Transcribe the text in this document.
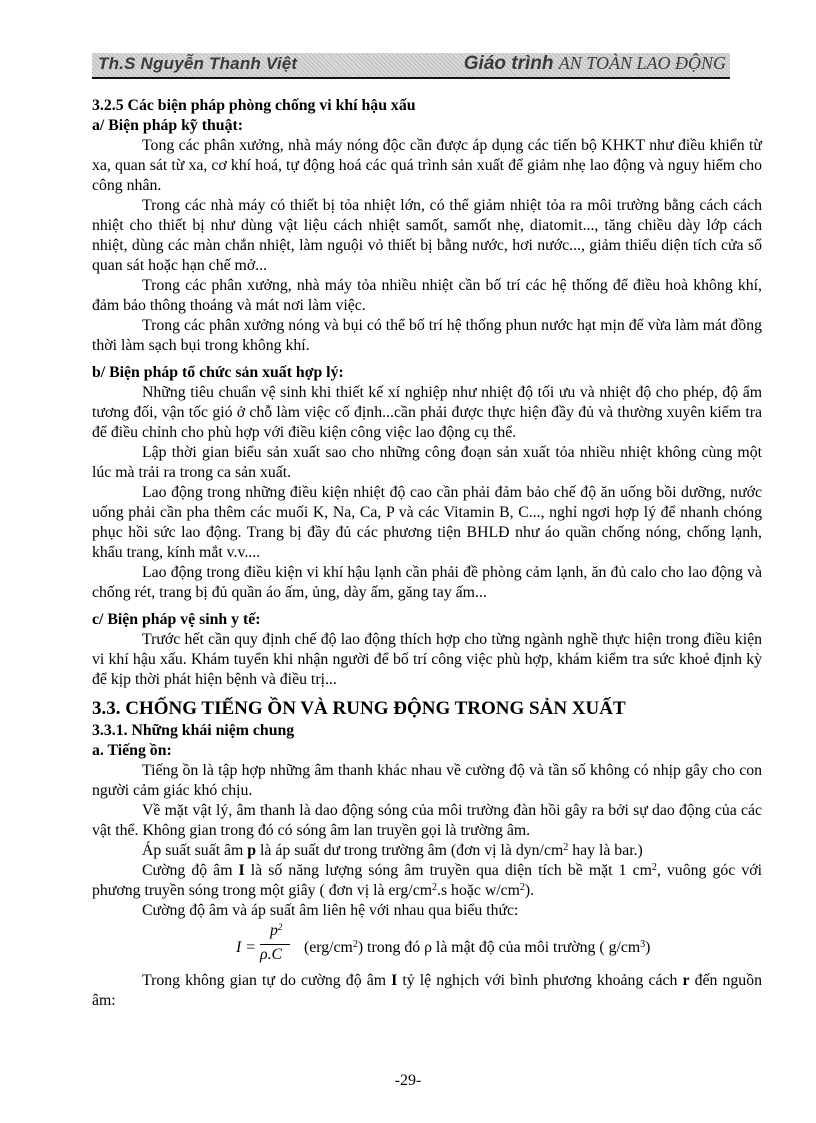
Th.S Nguyễn Thanh Việt	Giáo trình AN TOÀN LAO ĐỘNG
3.2.5 Các biện pháp phòng chống vi khí hậu xấu
a/ Biện pháp kỹ thuật:

Tong các phân xưởng, nhà máy nóng độc cần được áp dụng các tiến bộ KHKT như điều khiển từ xa, quan sát từ xa, cơ khí hoá, tự động hoá các quá trình sản xuất để giảm nhẹ lao động và nguy hiểm cho công nhân.

Trong các nhà máy có thiết bị tỏa nhiệt lớn, có thể giảm nhiệt tỏa ra môi trường bằng cách cách nhiệt cho thiết bị như dùng vật liệu cách nhiệt samốt, samốt nhẹ, diatomit..., tăng chiều dày lớp cách nhiệt, dùng các màn chắn nhiệt, làm nguội vỏ thiết bị bằng nước, hơi nước..., giảm thiểu diện tích cửa sổ quan sát hoặc hạn chế mở...

Trong các phân xưởng, nhà máy tỏa nhiều nhiệt cần bố trí các hệ thống để điều hoà không khí, đảm bảo thông thoáng và mát nơi làm việc.

Trong các phân xưởng nóng và bụi có thể bố trí hệ thống phun nước hạt mịn để vừa làm mát đồng thời làm sạch bụi trong không khí.

b/ Biện pháp tổ chức sản xuất hợp lý:

Những tiêu chuẩn vệ sinh khi thiết kế xí nghiệp như nhiệt độ tối ưu và nhiệt độ cho phép, độ ẩm tương đối, vận tốc gió ở chỗ làm việc cố định...cần phải được thực hiện đầy đủ và thường xuyên kiểm tra để điều chỉnh cho phù hợp với điều kiện công việc lao động cụ thể.

Lập thời gian biểu sản xuất sao cho những công đoạn sản xuất tỏa nhiều nhiệt không cùng một lúc mà trải ra trong ca sản xuất.

Lao động trong những điều kiện nhiệt độ cao cần phải đảm bảo chế độ ăn uống bồi dưỡng, nước uống phải cần pha thêm các muối K, Na, Ca, P và các Vitamin B, C..., nghỉ ngơi hợp lý để nhanh chóng phục hồi sức lao động. Trang bị đầy đủ các phương tiện BHLĐ như áo quần chống nóng, chống lạnh, khẩu trang, kính mắt v.v....

Lao động trong điều kiện vi khí hậu lạnh cần phải đề phòng cảm lạnh, ăn đủ calo cho lao động và chống rét, trang bị đủ quần áo ấm, ủng, dày ấm, găng tay ấm...

c/ Biện pháp vệ sinh y tế:

Trước hết cần quy định chế độ lao động thích hợp cho từng ngành nghề thực hiện trong điều kiện vi khí hậu xấu. Khám tuyển khi nhận người để bố trí công việc phù hợp, khám kiểm tra sức khoẻ định kỳ để kịp thời phát hiện bệnh và điều trị...

3.3. CHỐNG TIẾNG ỒN VÀ RUNG ĐỘNG TRONG SẢN XUẤT
3.3.1. Những khái niệm chung
a. Tiếng ồn:

Tiếng ồn là tập hợp những âm thanh khác nhau về cường độ và tần số không có nhịp gây cho con người cảm giác khó chịu.

Về mặt vật lý, âm thanh là dao động sóng của môi trường đàn hồi gây ra bởi sự dao động của các vật thể. Không gian trong đó có sóng âm lan truyền gọi là trường âm.

Áp suất suất âm p là áp suất dư trong trường âm (đơn vị là dyn/$cm^2$ hay là bar.)

Cường độ âm I là số năng lượng sóng âm truyền qua diện tích bề mặt 1 $cm^2$, vuông góc với phương truyền sóng trong một giây ( đơn vị là erg/$cm^2.s$ hoặc $w/cm^2$).

Cường độ âm và áp suất âm liên hệ với nhau qua biểu thức:

I =
$p^2$
ρ.C $(erg/cm^2)$ trong đó ρ là mật độ của môi trường ( $g/cm^3$)

Trong không gian tự do cường độ âm I tỷ lệ nghịch với bình phương khoảng cách r đến nguồn âm:

-29-
